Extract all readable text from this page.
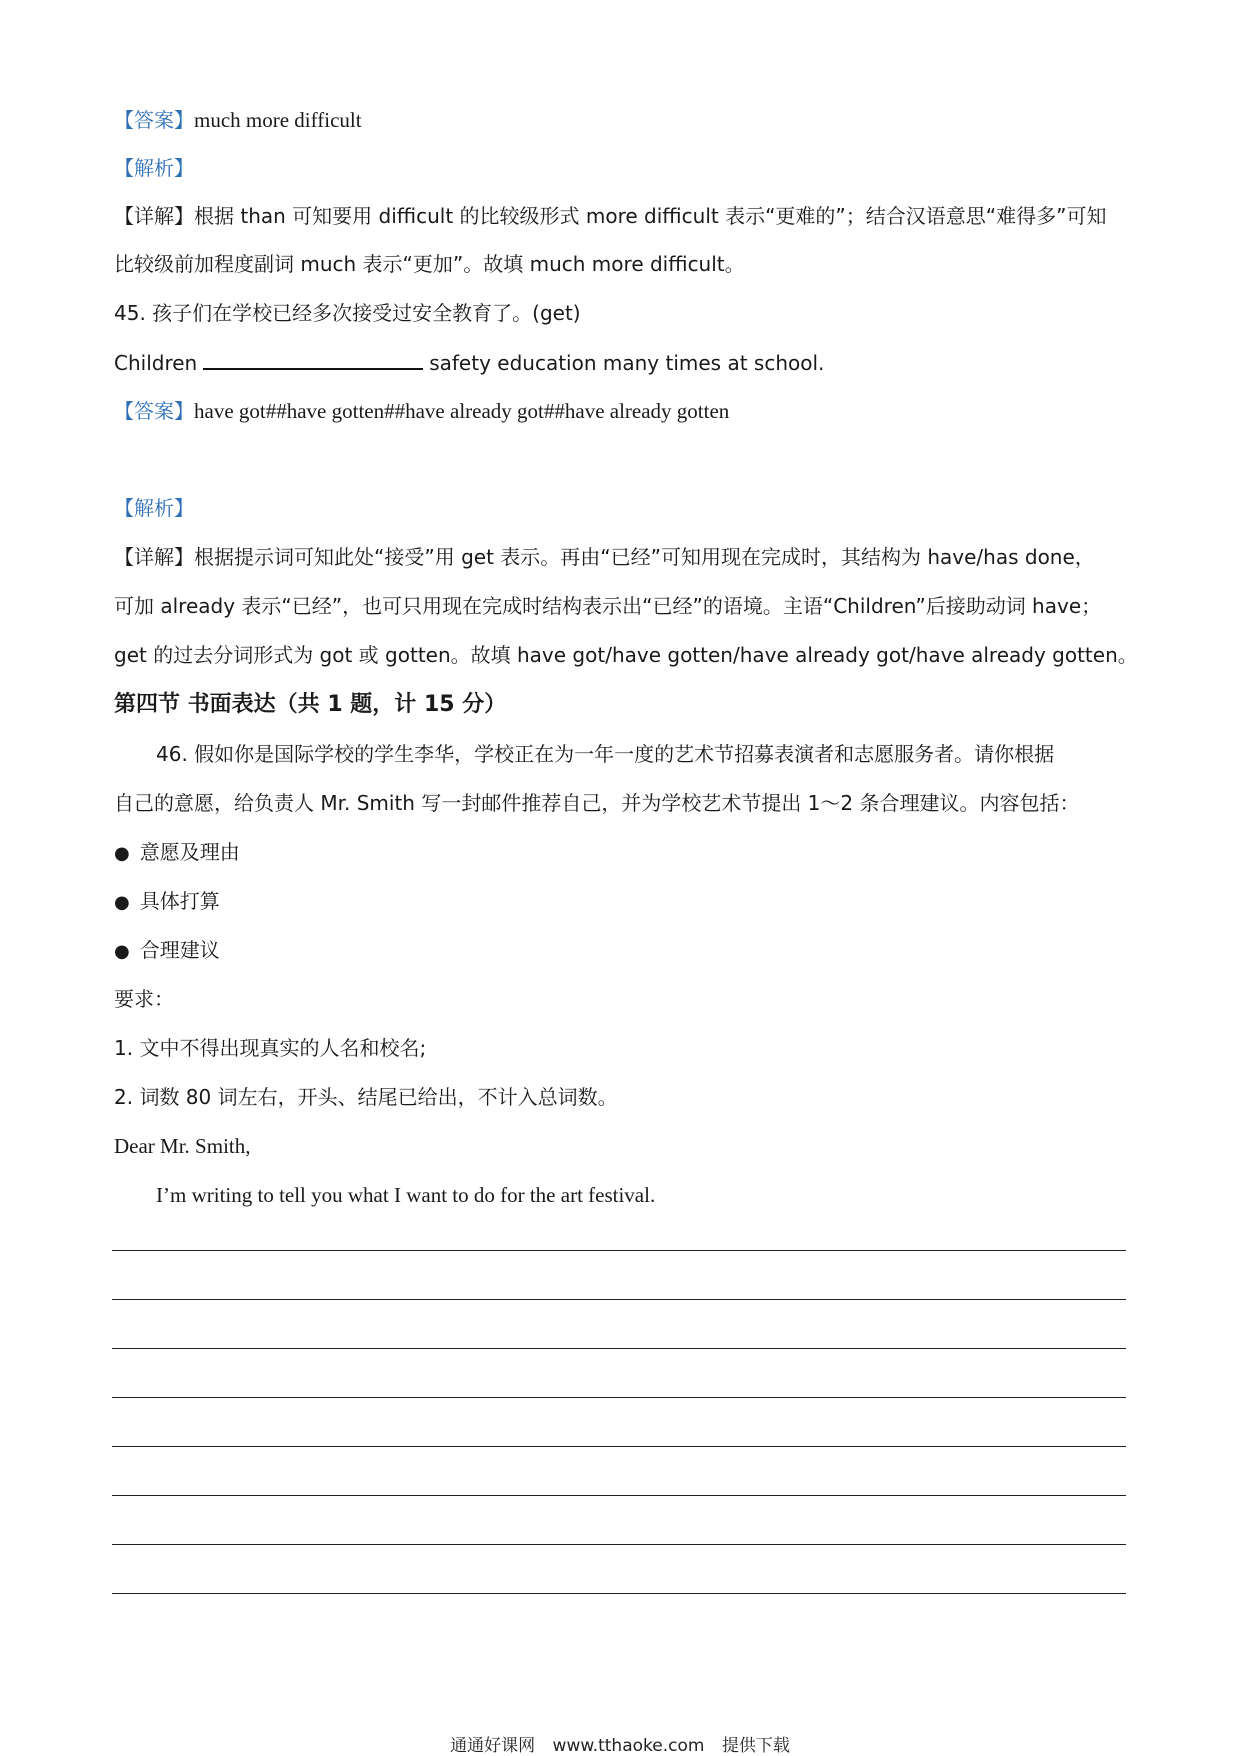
【答案】much more difficult
【解析】
【详解】根据 than 可知要用 difficult 的比较级形式 more difficult 表示“更难的”；结合汉语意思“难得多”可知
比较级前加程度副词 much 表示“更加”。故填 much more difficult。
45. 孩子们在学校已经多次接受过安全教育了。(get)
Children	safety education many times at school.
【答案】have got##have gotten##have already got##have already gotten
【解析】
【详解】根据提示词可知此处“接受”用 get 表示。再由“已经”可知用现在完成时，其结构为 have/has done，
可加 already 表示“已经”，也可只用现在完成时结构表示出“已经”的语境。主语“Children”后接助动词 have；
get 的过去分词形式为 got 或 gotten。故填 have got/have gotten/have already got/have already gotten。
第四节 书面表达（共 1 题，计 15 分）
46. 假如你是国际学校的学生李华，学校正在为一年一度的艺术节招募表演者和志愿服务者。请你根据
自己的意愿，给负责人 Mr. Smith 写一封邮件推荐自己，并为学校艺术节提出 1～2 条合理建议。内容包括：
● 意愿及理由
● 具体打算
● 合理建议
要求：
1. 文中不得出现真实的人名和校名;
2. 词数 80 词左右，开头、结尾已给出，不计入总词数。
Dear Mr. Smith,
I’m writing to tell you what I want to do for the art festival.
通通好课网 www.tthaoke.com 提供下载
